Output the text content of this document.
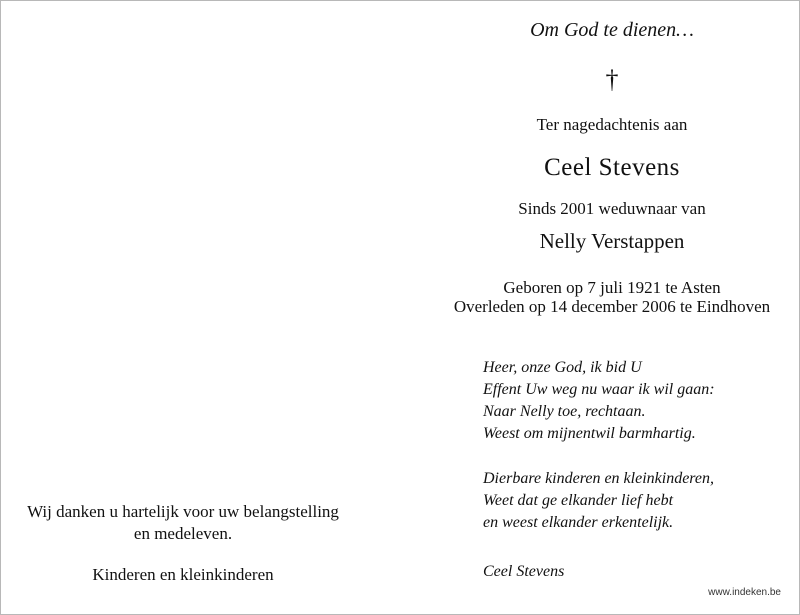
Wij danken u hartelijk voor uw belangstelling
en medeleven.
Kinderen en kleinkinderen
Om God te dienen…
†
Ter nagedachtenis aan
Ceel Stevens
Sinds 2001 weduwnaar van
Nelly Verstappen
Geboren op 7 juli 1921 te Asten
Overleden op 14 december 2006 te Eindhoven
Heer, onze God, ik bid U
Effent Uw weg nu waar ik wil gaan:
Naar Nelly toe, rechtaan.
Weest om mijnentwil barmhartig.
Dierbare kinderen en kleinkinderen,
Weet dat ge elkander lief hebt
en weest elkander erkentelijk.
Ceel Stevens
www.indeken.be
